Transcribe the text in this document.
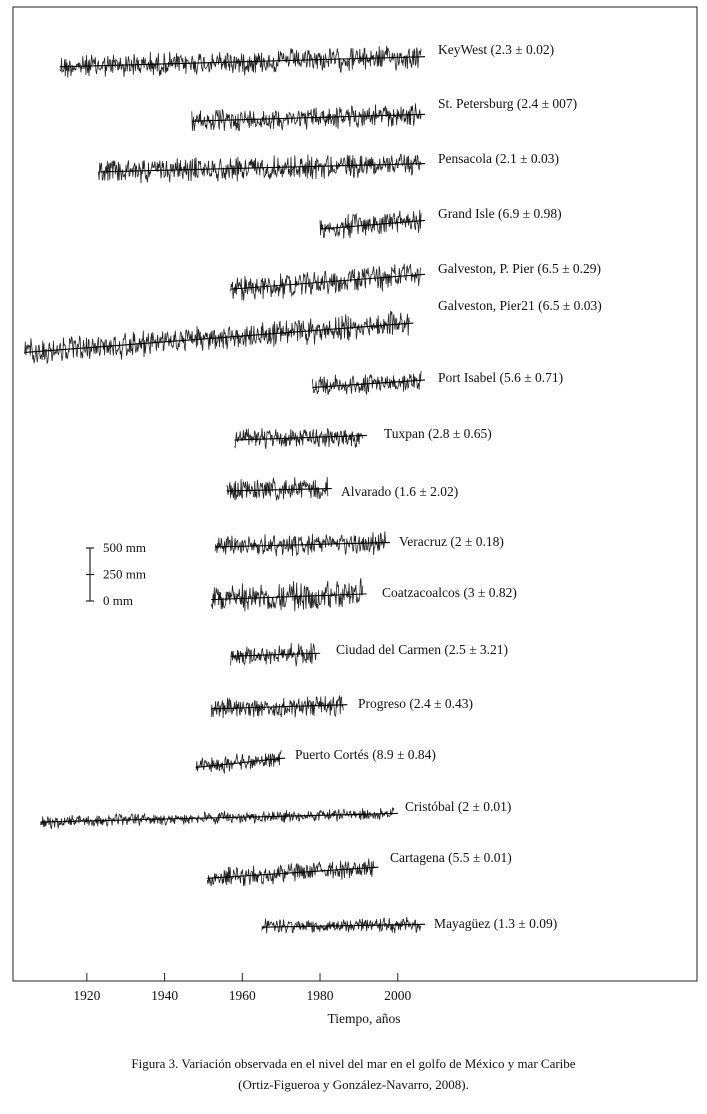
KeyWest (2.3 ± 0.02)
St. Petersburg (2.4 ± 007)
Pensacola (2.1 ± 0.03)
Grand Isle (6.9 ± 0.98)
Galveston, P. Pier (6.5 ± 0.29)
Galveston, Pier21 (6.5 ± 0.03)
Port Isabel (5.6 ± 0.71)
Tuxpan (2.8 ± 0.65)
Alvarado (1.6 ± 2.02)
Veracruz (2 ± 0.18)
Coatzacoalcos (3 ± 0.82)
Ciudad del Carmen (2.5 ± 3.21)
Progreso (2.4 ± 0.43)
Puerto Cortés (8.9 ± 0.84)
Cristóbal (2 ± 0.01)
Cartagena (5.5 ± 0.01)
Mayagüez (1.3 ± 0.09)
1920	1940	1960	1980	2000
Tiempo, años
500 mm
250 mm
0 mm
Figura 3. Variación observada en el nivel del mar en el golfo de México y mar Caribe
(Ortiz-Figueroa y González-Navarro, 2008).
